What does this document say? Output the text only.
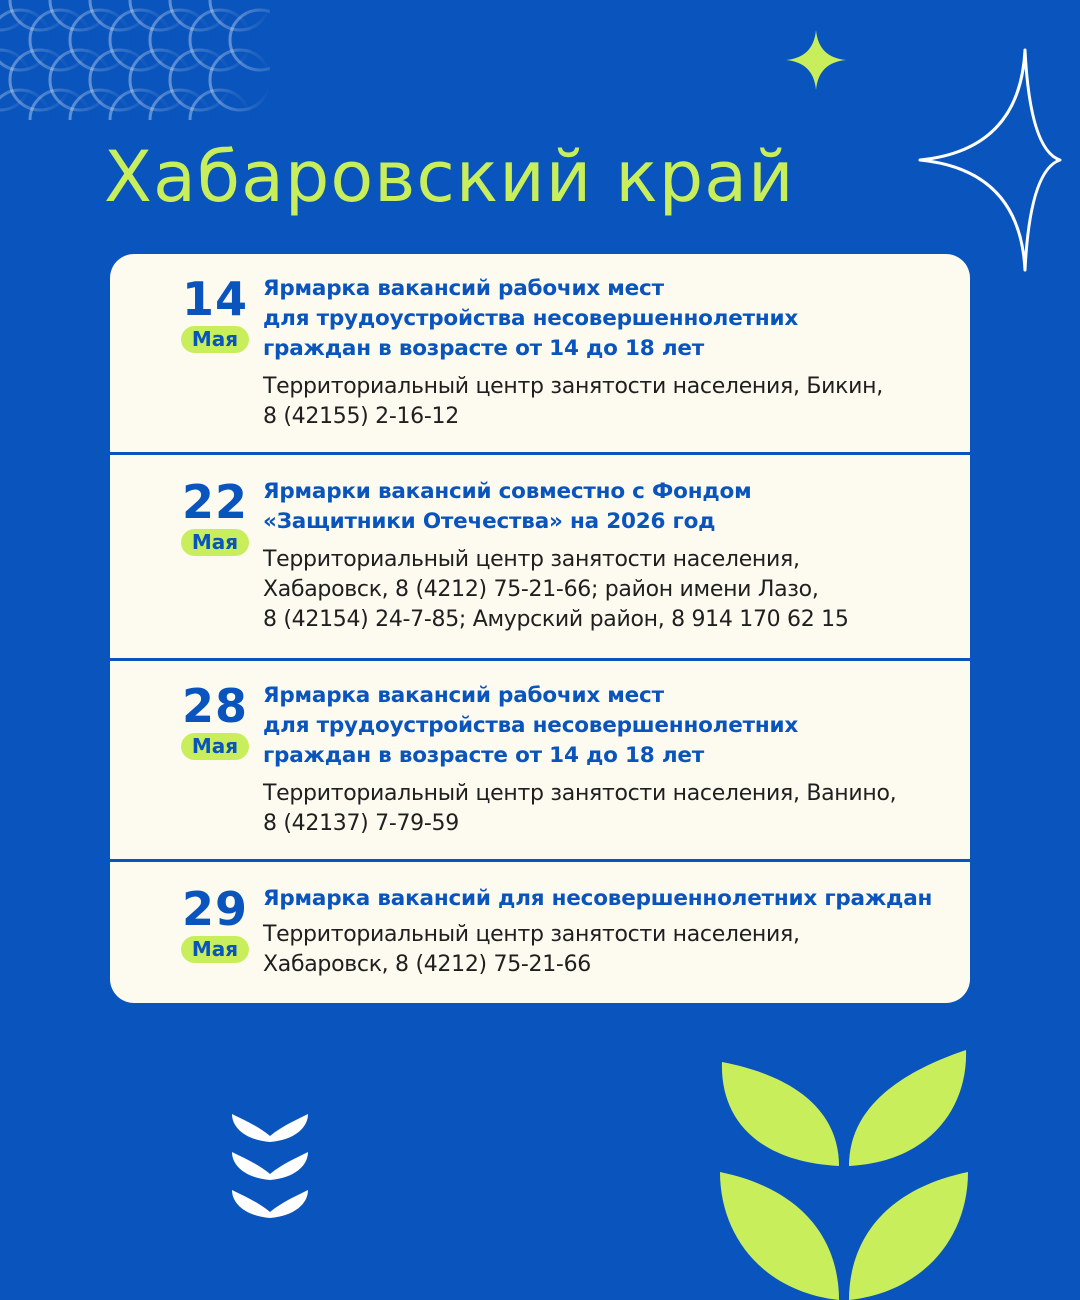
Хабаровский край
14
Мая

Ярмарка вакансий рабочих мест
для трудоустройства несовершеннолетних
граждан в возрасте от 14 до 18 лет

Территориальный центр занятости населения, Бикин,
8 (42155) 2-16-12

22
Мая

Ярмарки вакансий совместно с Фондом
«Защитники Отечества» на 2026 год

Территориальный центр занятости населения,
Хабаровск, 8 (4212) 75-21-66; район имени Лазо,
8 (42154) 24-7-85; Амурский район, 8 914 170 62 15

28
Мая

Ярмарка вакансий рабочих мест
для трудоустройства несовершеннолетних
граждан в возрасте от 14 до 18 лет

Территориальный центр занятости населения, Ванино,
8 (42137) 7-79-59

29
Мая

Ярмарка вакансий для несовершеннолетних граждан

Территориальный центр занятости населения,
Хабаровск, 8 (4212) 75-21-66
